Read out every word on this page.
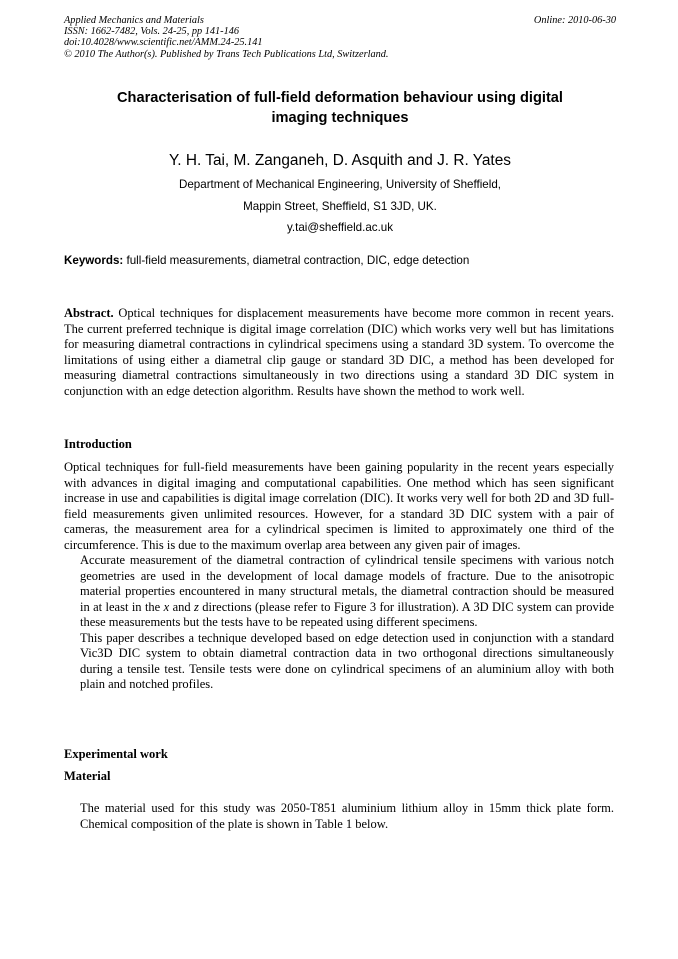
Applied Mechanics and Materials
ISSN: 1662-7482, Vols. 24-25, pp 141-146
doi:10.4028/www.scientific.net/AMM.24-25.141
© 2010 The Author(s). Published by Trans Tech Publications Ltd, Switzerland.
Online: 2010-06-30
Characterisation of full-field deformation behaviour using digital
imaging techniques
Y. H. Tai, M. Zanganeh, D. Asquith and J. R. Yates
Department of Mechanical Engineering, University of Sheffield,
Mappin Street, Sheffield, S1 3JD, UK.
y.tai@sheffield.ac.uk
Keywords: full-field measurements, diametral contraction, DIC, edge detection
Abstract. Optical techniques for displacement measurements have become more common in recent years. The current preferred technique is digital image correlation (DIC) which works very well but has limitations for measuring diametral contractions in cylindrical specimens using a standard 3D system. To overcome the limitations of using either a diametral clip gauge or standard 3D DIC, a method has been developed for measuring diametral contractions simultaneously in two directions using a standard 3D DIC system in conjunction with an edge detection algorithm. Results have shown the method to work well.
Introduction
Optical techniques for full-field measurements have been gaining popularity in the recent years especially with advances in digital imaging and computational capabilities. One method which has seen significant increase in use and capabilities is digital image correlation (DIC). It works very well for both 2D and 3D full-field measurements given unlimited resources. However, for a standard 3D DIC system with a pair of cameras, the measurement area for a cylindrical specimen is limited to approximately one third of the circumference. This is due to the maximum overlap area between any given pair of images.
Accurate measurement of the diametral contraction of cylindrical tensile specimens with various notch geometries are used in the development of local damage models of fracture. Due to the anisotropic material properties encountered in many structural metals, the diametral contraction should be measured in at least in the x and z directions (please refer to Figure 3 for illustration). A 3D DIC system can provide these measurements but the tests have to be repeated using different specimens.
This paper describes a technique developed based on edge detection used in conjunction with a standard Vic3D DIC system to obtain diametral contraction data in two orthogonal directions simultaneously during a tensile test. Tensile tests were done on cylindrical specimens of an aluminium alloy with both plain and notched profiles.
Experimental work
Material
The material used for this study was 2050-T851 aluminium lithium alloy in 15mm thick plate form. Chemical composition of the plate is shown in Table 1 below.
